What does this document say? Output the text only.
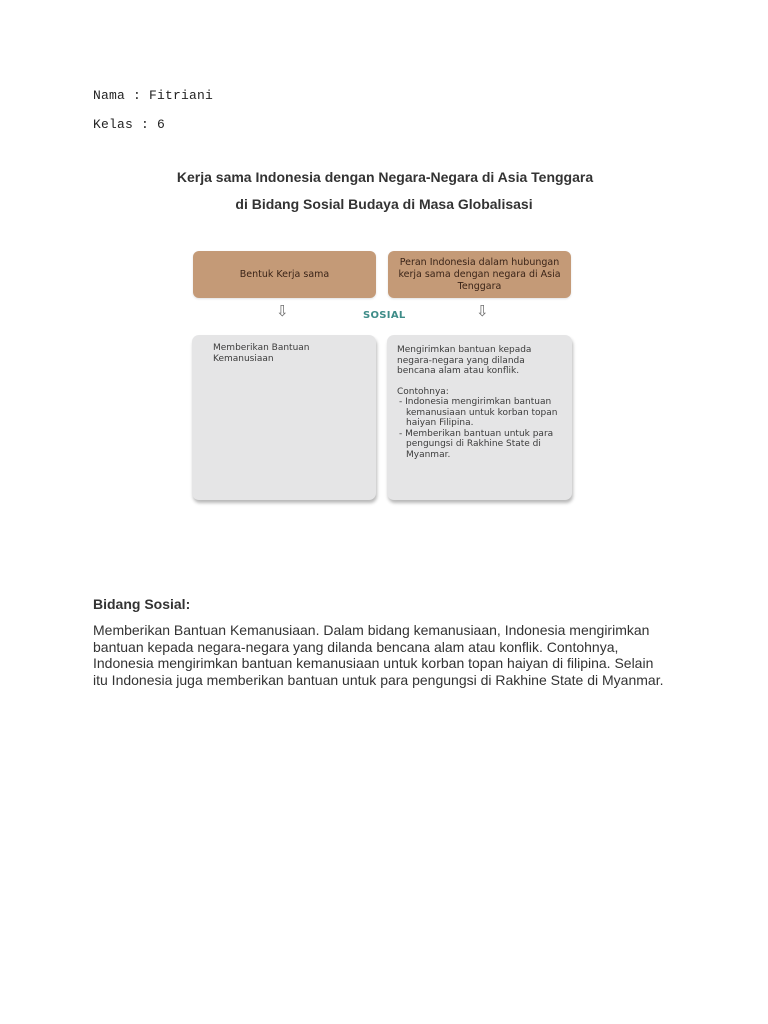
Nama : Fitriani
Kelas : 6
Kerja sama Indonesia dengan Negara-Negara di Asia Tenggara
di Bidang Sosial Budaya di Masa Globalisasi
Bentuk Kerja sama
Peran Indonesia dalam hubungan kerja sama dengan negara di Asia Tenggara
⇩	SOSIAL	⇩

Memberikan Bantuan

Kemanusiaan

Mengirimkan bantuan kepada

negara-negara yang dilanda

bencana alam atau konflik.

Contohnya:

- Indonesia mengirimkan bantuan kemanusiaan untuk korban topan haiyan Filipina.

- Memberikan bantuan untuk para pengungsi di Rakhine State di Myanmar.

Bidang Sosial:
Memberikan Bantuan Kemanusiaan. Dalam bidang kemanusiaan, Indonesia mengirimkan
bantuan kepada negara-negara yang dilanda bencana alam atau konflik. Contohnya,
Indonesia mengirimkan bantuan kemanusiaan untuk korban topan haiyan di filipina. Selain
itu Indonesia juga memberikan bantuan untuk para pengungsi di Rakhine State di Myanmar.
